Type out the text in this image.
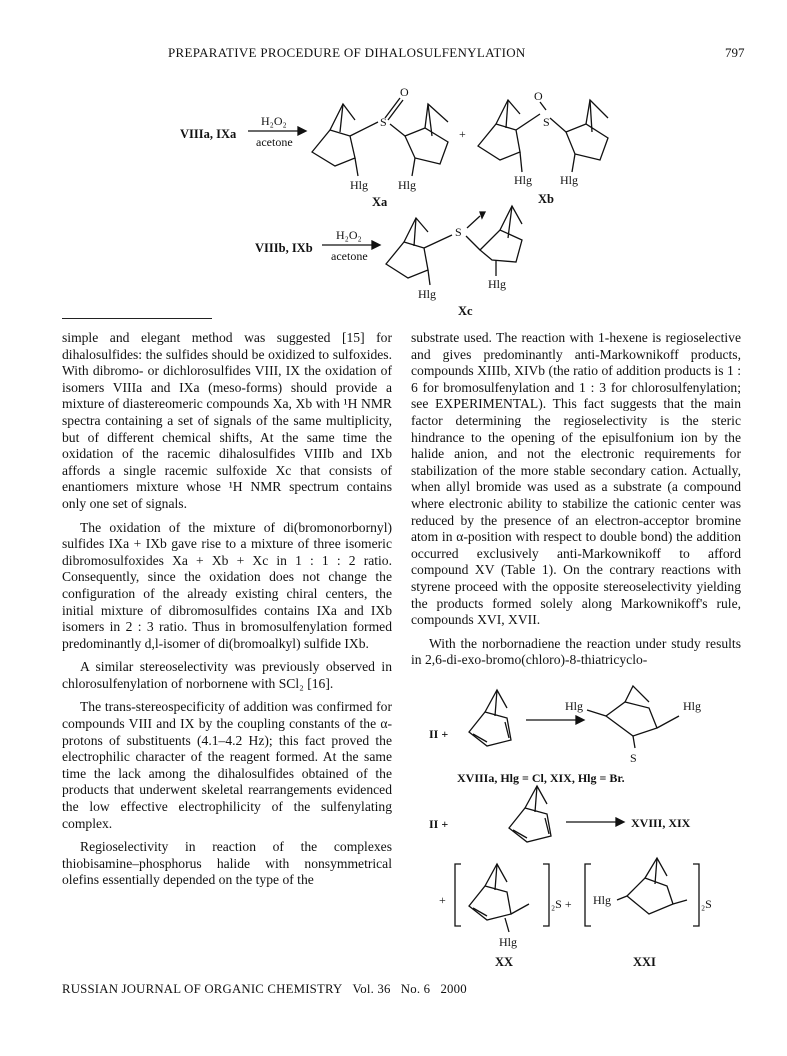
PREPARATIVE PROCEDURE OF DIHALOSULFENYLATION	797
VIIIa, IXa
H₂O₂
acetone
S
O
Hlg	Hlg
Xa
+
O
S
Hlg Hlg
Xb
VIIIb, IXb
H₂O₂
acetone
S
Hlg
Hlg
Xc

simple and elegant method was suggested [15] for dihalosulfides: the sulfides should be oxidized to sulfoxides. With dibromo- or dichlorosulfides VIII, IX the oxidation of isomers VIIIa and IXa (meso-forms) should provide a mixture of diastereomeric compounds Xa, Xb with ¹H NMR spectra containing a set of signals of the same multiplicity, but of different chemical shifts, At the same time the oxidation of the racemic dihalosulfides VIIIb and IXb affords a single racemic sulfoxide Xc that consists of enantiomers mixture whose ¹H NMR spectrum contains only one set of signals.

The oxidation of the mixture of di(bromonorbornyl) sulfides IXa + IXb gave rise to a mixture of three isomeric dibromosulfoxides Xa + Xb + Xc in 1 : 1 : 2 ratio. Consequently, since the oxidation does not change the configuration of the already existing chiral centers, the initial mixture of dibromosulfides contains IXa and IXb isomers in 2 : 3 ratio. Thus in bromosulfenylation formed predominantly d,l-isomer of di(bromoalkyl) sulfide IXb.

A similar stereoselectivity was previously observed in chlorosulfenylation of norbornene with SCl₂ [16].

The trans-stereospecificity of addition was confirmed for compounds VIII and IX by the coupling constants of the α-protons of substituents (4.1–4.2 Hz); this fact proved the electrophilic character of the reagent formed. At the same time the lack among the dihalosulfides obtained of the products that underwent skeletal rearrangements evidenced the low effective electrophilicity of the sulfenylating complex.

Regioselectivity in reaction of the complexes thiobisamine–phosphorus halide with nonsymmetrical olefins essentially depended on the type of the

substrate used. The reaction with 1-hexene is regioselective and gives predominantly anti-Markownikoff products, compounds XIIIb, XIVb (the ratio of addition products is 1 : 6 for bromosulfenylation and 1 : 3 for chlorosulfenylation; see EXPERIMENTAL). This fact suggests that the main factor determining the regioselectivity is the steric hindrance to the opening of the episulfonium ion by the halide anion, and not the electronic requirements for stabilization of the more stable secondary cation. Actually, when allyl bromide was used as a substrate (a compound where electronic ability to stabilize the cationic center was reduced by the presence of an electron-acceptor bromine atom in α-position with respect to double bond) the addition occurred exclusively anti-Markownikoff to afford compound XV (Table 1). On the contrary reactions with styrene proceed with the opposite stereoselectivity yielding the products formed solely along Markownikoff's rule, compounds XVI, XVII.

With the norbornadiene the reaction under study results in 2,6-di-exo-bromo(chloro)-8-thiatricyclo-

II +
Hlg	Hlg
S
XVIIIa, Hlg = Cl, XIX, Hlg = Br.
II +	XVIII, XIX
+	₂S + Hlg	₂S
Hlg
XX	XXI
RUSSIAN JOURNAL OF ORGANIC CHEMISTRY Vol. 36 No. 6 2000
